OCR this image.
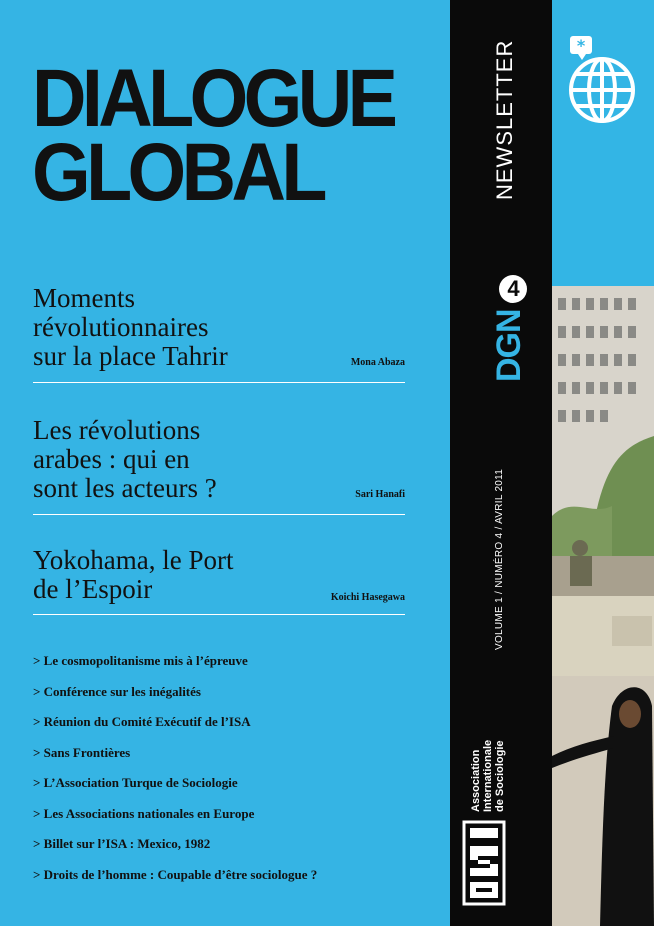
DIALOGUE
GLOBAL
Moments
révolutionnaires
sur la place Tahrir	Mona Abaza
Les révolutions
arabes : qui en
sont les acteurs ?	Sari Hanafi
Yokohama, le Port
de l’Espoir	Koichi Hasegawa
> Le cosmopolitanisme mis à l’épreuve
> Conférence sur les inégalités
> Réunion du Comité Exécutif de l’ISA
> Sans Frontières
> L’Association Turque de Sociologie
> Les Associations nationales en Europe
> Billet sur l’ISA : Mexico, 1982
> Droits de l’homme : Coupable d’être sociologue ?
NEWSLETTER
DGN4
VOLUME 1 / NUMÉRO 4 / AVRIL 2011
Association Internationale de Sociologie
*
